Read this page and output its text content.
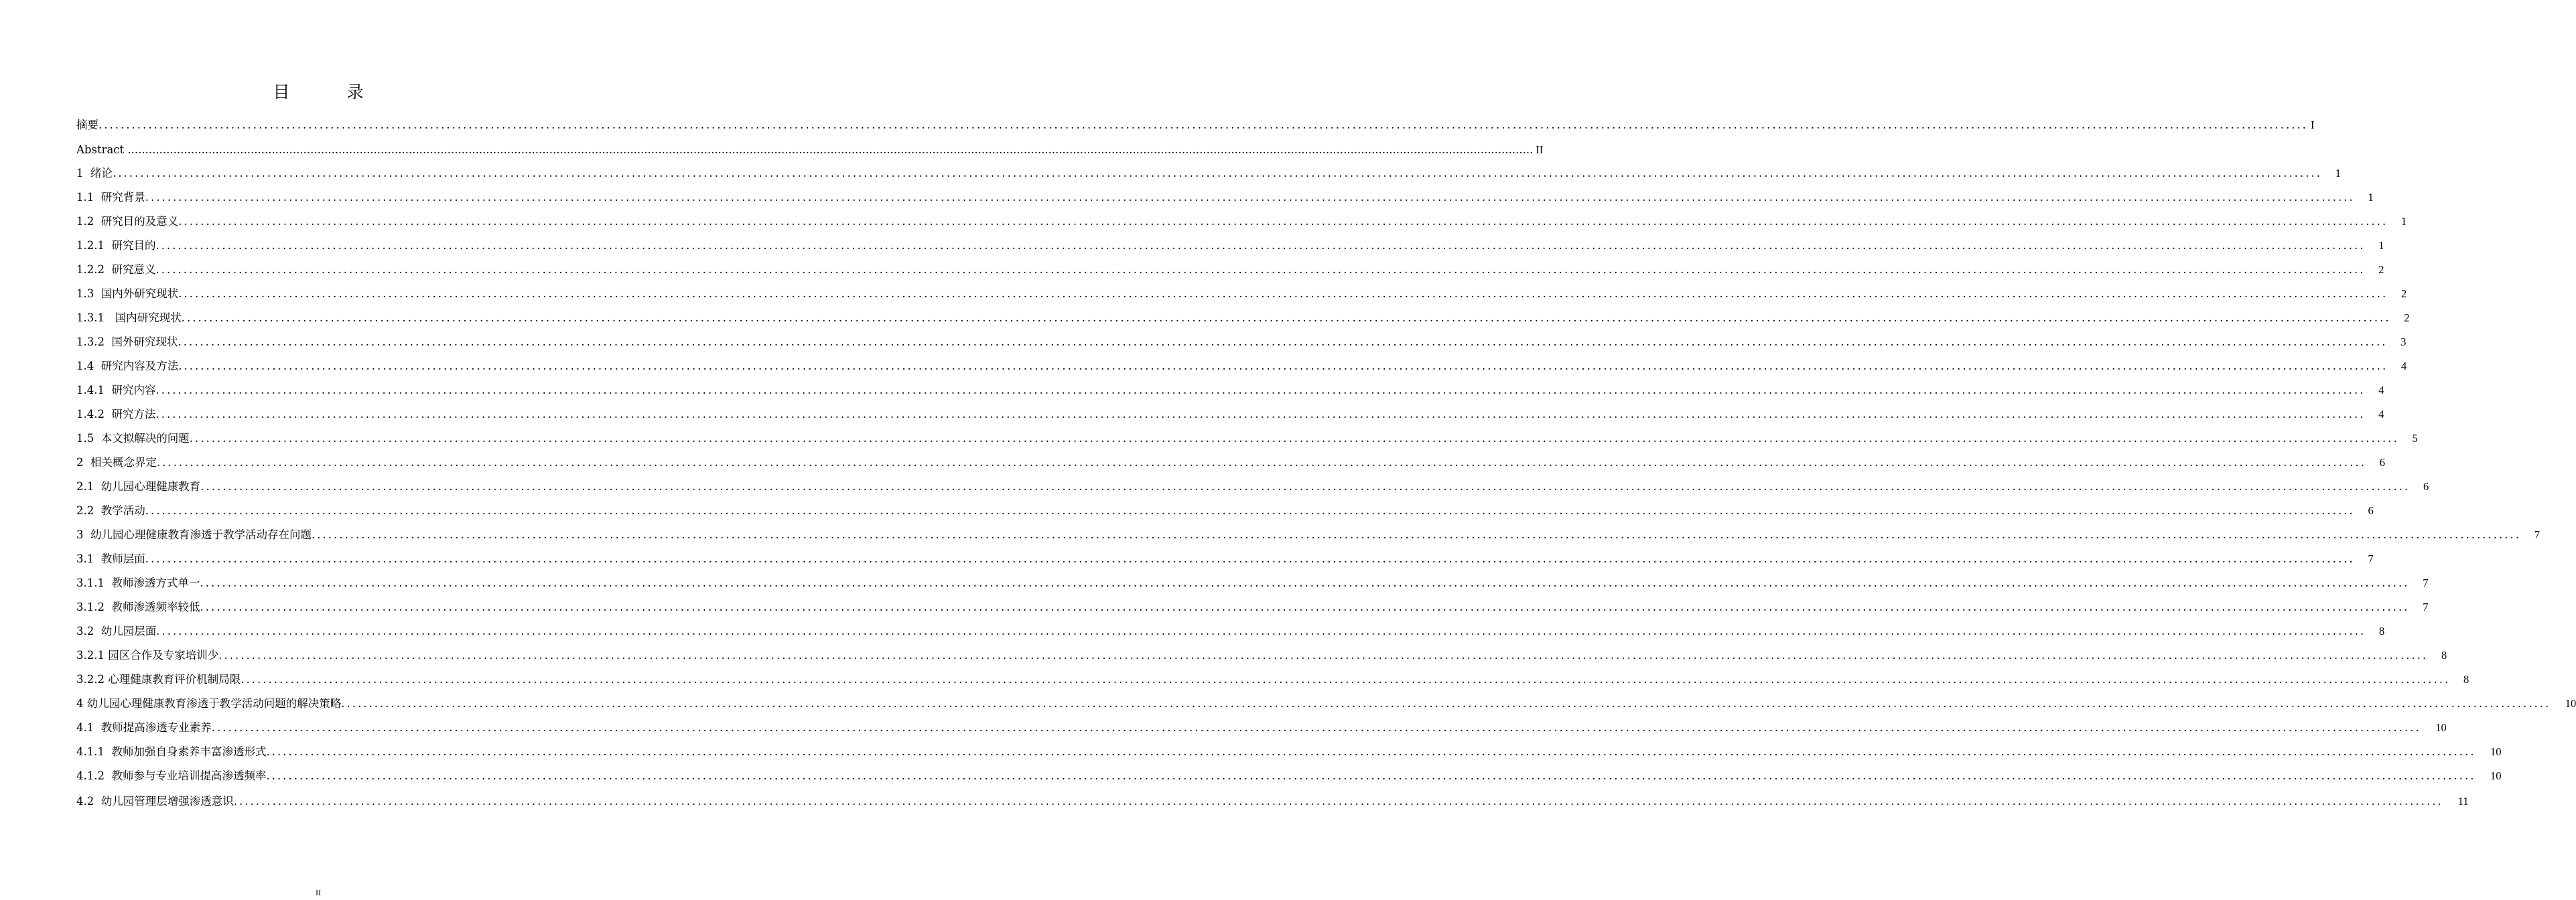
目　录
摘要 ................................................................................................................................................................................................................................................................................................................................................................................................................ I
Abstract ................................................................................................................................................................................................................................................................................................................................................................................................................ II
1  绪论 ................................................................................................................................................................................................................................................................................................................................................................................................................	1
1.1  研究背景 ................................................................................................................................................................................................................................................................................................................................................................................................................	1
1.2  研究目的及意义 ................................................................................................................................................................................................................................................................................................................................................................................................................	1
1.2.1  研究目的 ................................................................................................................................................................................................................................................................................................................................................................................................................	1
1.2.2  研究意义 ................................................................................................................................................................................................................................................................................................................................................................................................................	2
1.3  国内外研究现状 ................................................................................................................................................................................................................................................................................................................................................................................................................	2
1.3.1   国内研究现状 ................................................................................................................................................................................................................................................................................................................................................................................................................	2
1.3.2  国外研究现状 ................................................................................................................................................................................................................................................................................................................................................................................................................	3
1.4  研究内容及方法 ................................................................................................................................................................................................................................................................................................................................................................................................................	4
1.4.1  研究内容 ................................................................................................................................................................................................................................................................................................................................................................................................................	4
1.4.2  研究方法 ................................................................................................................................................................................................................................................................................................................................................................................................................	4
1.5  本文拟解决的问题 ................................................................................................................................................................................................................................................................................................................................................................................................................	5
2  相关概念界定 ................................................................................................................................................................................................................................................................................................................................................................................................................	6
2.1  幼儿园心理健康教育 ................................................................................................................................................................................................................................................................................................................................................................................................................	6
2.2  教学活动 ................................................................................................................................................................................................................................................................................................................................................................................................................	6
3  幼儿园心理健康教育渗透于教学活动存在问题 ................................................................................................................................................................................................................................................................................................................................................................................................................	7
3.1  教师层面 ................................................................................................................................................................................................................................................................................................................................................................................................................	7
3.1.1  教师渗透方式单一 ................................................................................................................................................................................................................................................................................................................................................................................................................	7
3.1.2  教师渗透频率较低 ................................................................................................................................................................................................................................................................................................................................................................................................................	7
3.2  幼儿园层面 ................................................................................................................................................................................................................................................................................................................................................................................................................	8
3.2.1 园区合作及专家培训少 ................................................................................................................................................................................................................................................................................................................................................................................................................	8
3.2.2 心理健康教育评价机制局限 ................................................................................................................................................................................................................................................................................................................................................................................................................	8
4 幼儿园心理健康教育渗透于教学活动问题的解决策略 ................................................................................................................................................................................................................................................................................................................................................................................................................	10
4.1  教师提高渗透专业素养 ................................................................................................................................................................................................................................................................................................................................................................................................................	10
4.1.1  教师加强自身素养丰富渗透形式 ................................................................................................................................................................................................................................................................................................................................................................................................................	10
4.1.2  教师参与专业培训提高渗透频率 ................................................................................................................................................................................................................................................................................................................................................................................................................	10
4.2  幼儿园管理层增强渗透意识 ................................................................................................................................................................................................................................................................................................................................................................................................................	11
II
